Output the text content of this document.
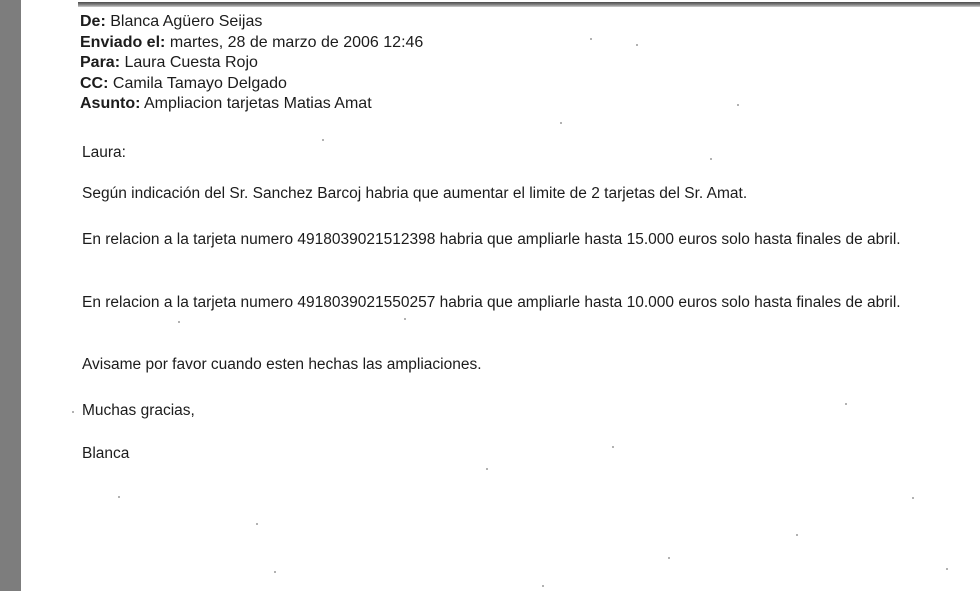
De: Blanca Agüero Seijas
Enviado el: martes, 28 de marzo de 2006 12:46
Para: Laura Cuesta Rojo
CC: Camila Tamayo Delgado
Asunto: Ampliacion tarjetas Matias Amat
Laura:
Según indicación del Sr. Sanchez Barcoj habria que aumentar el limite de 2 tarjetas del Sr. Amat.
En relacion a la tarjeta numero 4918039021512398 habria que ampliarle hasta 15.000 euros solo hasta finales de abril.
En relacion a la tarjeta numero 4918039021550257 habria que ampliarle hasta 10.000 euros solo hasta finales de abril.
Avisame por favor cuando esten hechas las ampliaciones.
Muchas gracias,
Blanca
